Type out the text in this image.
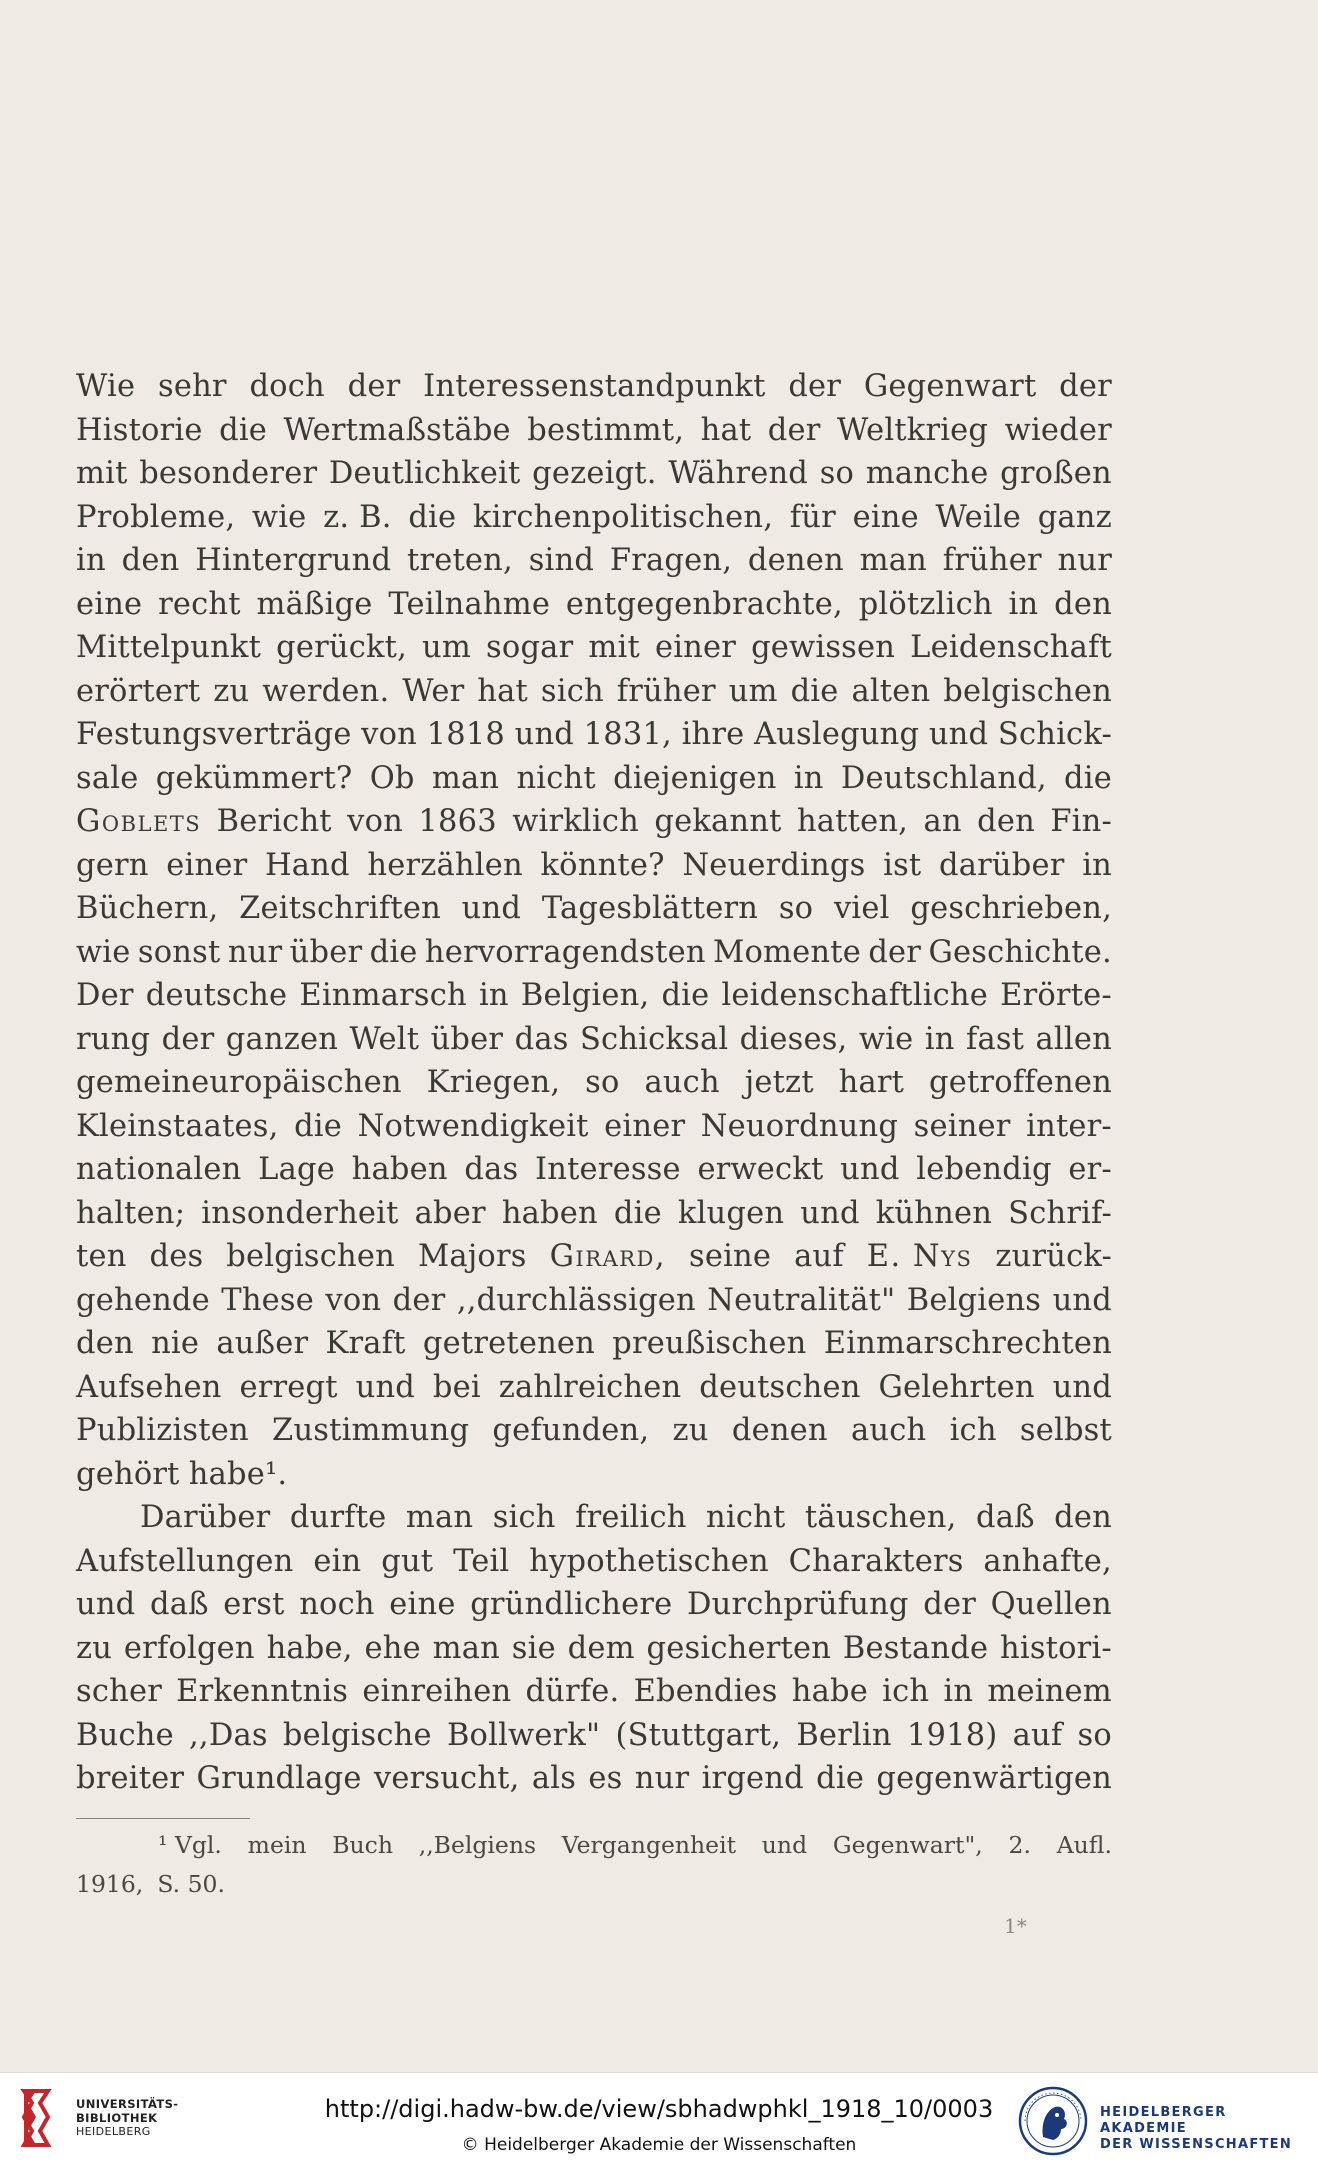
Wie sehr doch der Interessenstandpunkt der Gegenwart der
Historie die Wertmaßstäbe bestimmt, hat der Weltkrieg wieder
mit besonderer Deutlichkeit gezeigt. Während so manche großen
Probleme, wie z. B. die kirchenpolitischen, für eine Weile ganz
in den Hintergrund treten, sind Fragen, denen man früher nur
eine recht mäßige Teilnahme entgegenbrachte, plötzlich in den
Mittelpunkt gerückt, um sogar mit einer gewissen Leidenschaft
erörtert zu werden. Wer hat sich früher um die alten belgischen
Festungsverträge von 1818 und 1831, ihre Auslegung und Schick-
sale gekümmert? Ob man nicht diejenigen in Deutschland, die
Goblets Bericht von 1863 wirklich gekannt hatten, an den Fin-
gern einer Hand herzählen könnte? Neuerdings ist darüber in
Büchern, Zeitschriften und Tagesblättern so viel geschrieben,
wie sonst nur über die hervorragendsten Momente der Geschichte.
Der deutsche Einmarsch in Belgien, die leidenschaftliche Erörte-
rung der ganzen Welt über das Schicksal dieses, wie in fast allen
gemeineuropäischen Kriegen, so auch jetzt hart getroffenen
Kleinstaates, die Notwendigkeit einer Neuordnung seiner inter-
nationalen Lage haben das Interesse erweckt und lebendig er-
halten; insonderheit aber haben die klugen und kühnen Schrif-
ten des belgischen Majors Girard, seine auf E. Nys zurück-
gehende These von der ,,durchlässigen Neutralität" Belgiens und
den nie außer Kraft getretenen preußischen Einmarschrechten
Aufsehen erregt und bei zahlreichen deutschen Gelehrten und
Publizisten Zustimmung gefunden, zu denen auch ich selbst
gehört habe¹.
Darüber durfte man sich freilich nicht täuschen, daß den
Aufstellungen ein gut Teil hypothetischen Charakters anhafte,
und daß erst noch eine gründlichere Durchprüfung der Quellen
zu erfolgen habe, ehe man sie dem gesicherten Bestande histori-
scher Erkenntnis einreihen dürfe. Ebendies habe ich in meinem
Buche ,,Das belgische Bollwerk" (Stuttgart, Berlin 1918) auf so
breiter Grundlage versucht, als es nur irgend die gegenwärtigen
¹ Vgl. mein Buch ,,Belgiens Vergangenheit und Gegenwart", 2. Aufl.
1916, S. 50.
1*
UNIVERSITÄTS-
BIBLIOTHEK
HEIDELBERG
http://digi.hadw-bw.de/view/sbhadwphkl_1918_10/0003
© Heidelberger Akademie der Wissenschaften
HEIDELBERGER AKADEMIE
DER WISSENSCHAFTEN
